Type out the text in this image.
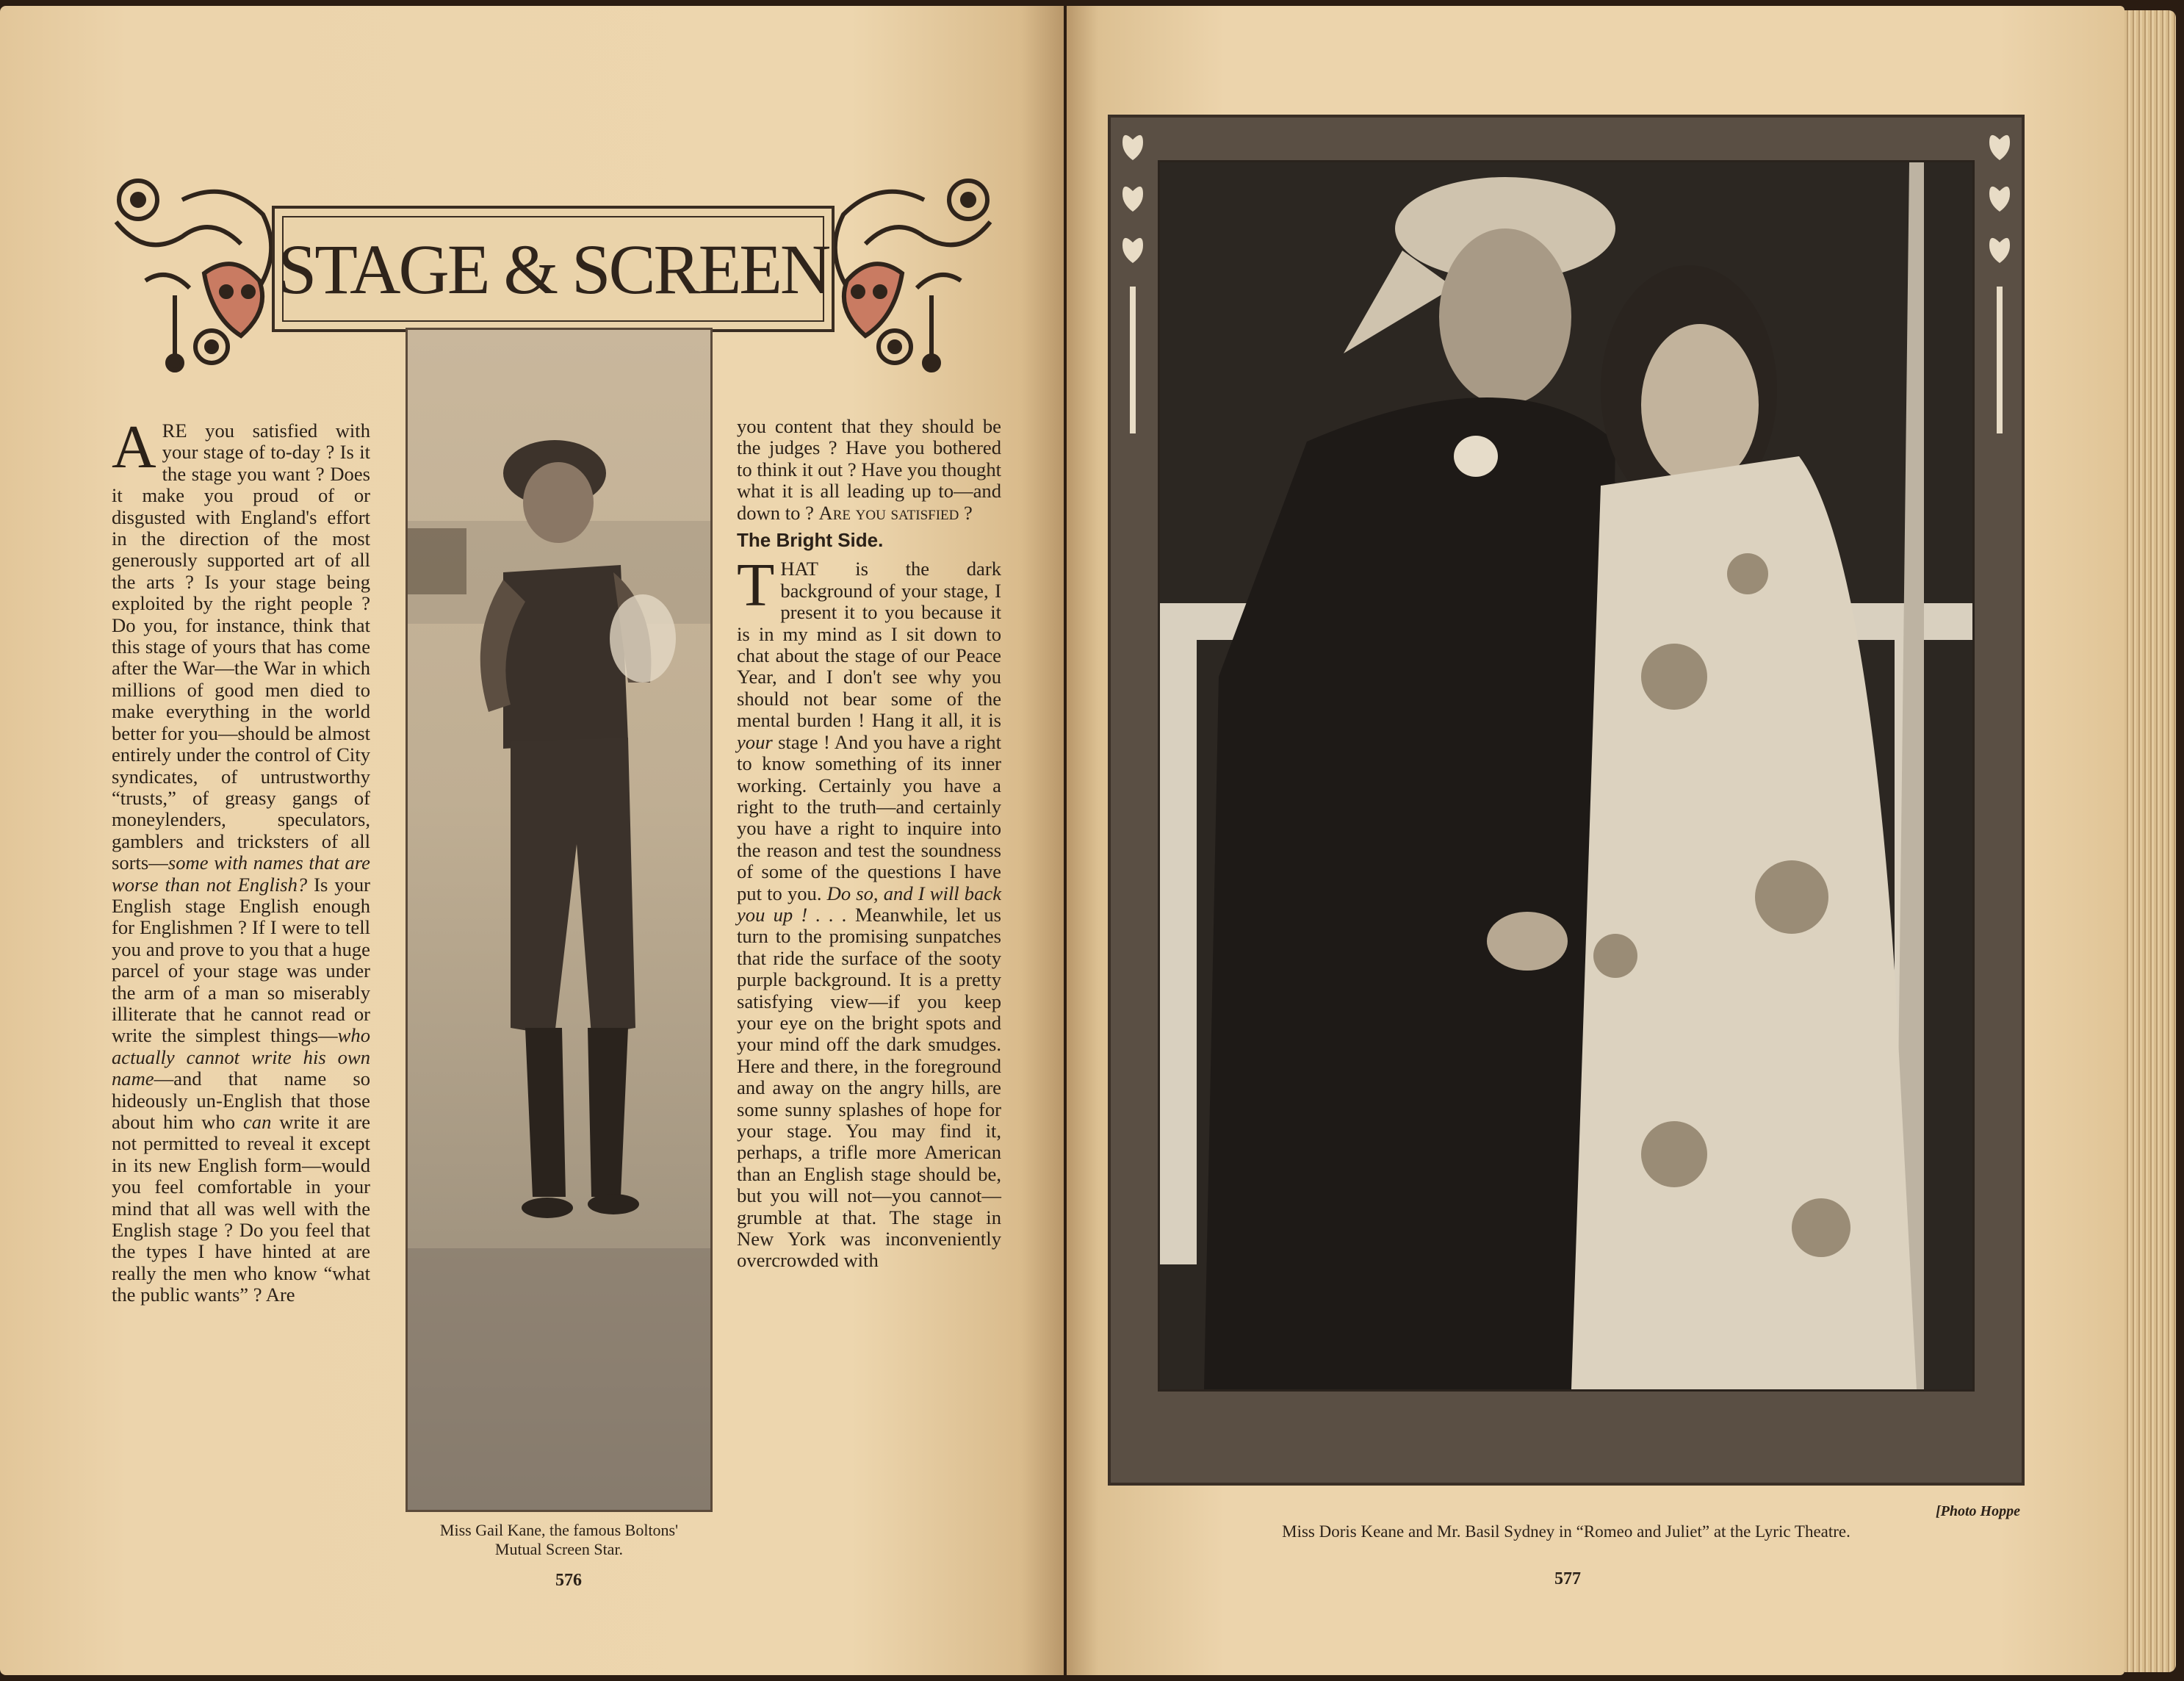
STAGE & SCREEN
ARE you satisfied with your stage of to-day ? Is it the stage you want ? Does it make you proud of or disgusted with England's effort in the direction of the most generously supported art of all the arts ? Is your stage being exploited by the right people ? Do you, for instance, think that this stage of yours that has come after the War—the War in which millions of good men died to make everything in the world better for you—should be almost entirely under the control of City syndicates, of untrustworthy “trusts,” of greasy gangs of moneylenders, speculators, gamblers and tricksters of all sorts—some with names that are worse than not English? Is your English stage English enough for Englishmen ? If I were to tell you and prove to you that a huge parcel of your stage was under the arm of a man so miserably illiterate that he cannot read or write the simplest things—who actually cannot write his own name—and that name so hideously un-English that those about him who can write it are not permitted to reveal it except in its new English form—would you feel comfortable in your mind that all was well with the English stage ? Do you feel that the types I have hinted at are really the men who know “what the public wants” ? Are
Miss Gail Kane, the famous Boltons'
Mutual Screen Star.
you content that they should be the judges ? Have you bothered to think it out ? Have you thought what it is all leading up to—and down to ? Are you satisfied ?

The Bright Side.
T HAT is the dark background of your stage, I present it to you because it is in my mind as I sit down to chat about the stage of our Peace Year, and I don't see why you should not bear some of the mental burden ! Hang it all, it is your stage ! And you have a right to know something of its inner working. Certainly you have a right to the truth—and certainly you have a right to inquire into the reason and test the soundness of some of the questions I have put to you. Do so, and I will back you up ! . . . Meanwhile, let us turn to the promising sunpatches that ride the surface of the sooty purple background. It is a pretty satisfying view—if you keep your eye on the bright spots and your mind off the dark smudges. Here and there, in the foreground and away on the angry hills, are some sunny splashes of hope for your stage. You may find it, perhaps, a trifle more American than an English stage should be, but you will not—you cannot—grumble at that. The stage in New York was inconveniently overcrowded with
576
[Photo Hoppe
Miss Doris Keane and Mr. Basil Sydney in “Romeo and Juliet” at the Lyric Theatre.
577
